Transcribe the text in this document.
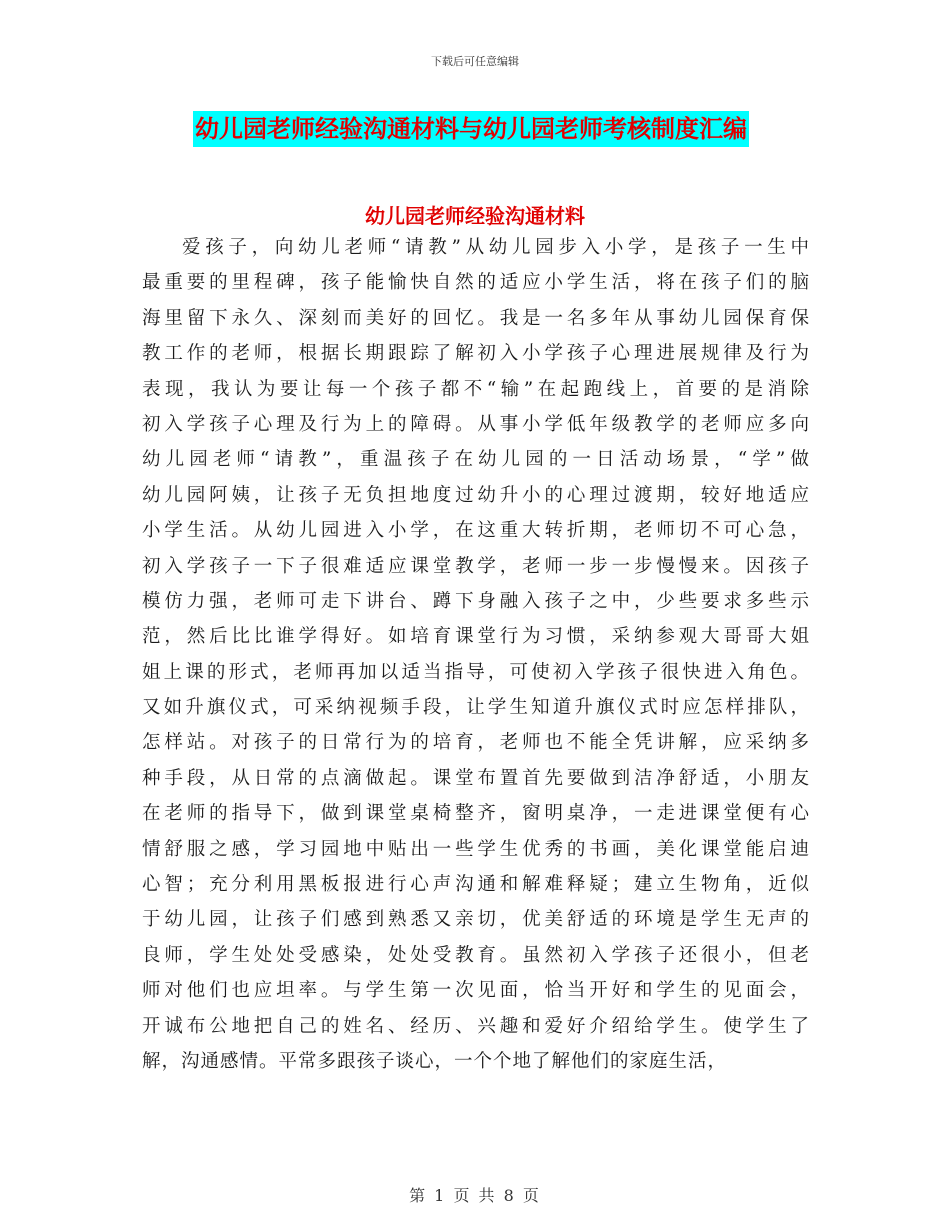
下载后可任意编辑
幼儿园老师经验沟通材料与幼儿园老师考核制度汇编
幼儿园老师经验沟通材料
爱孩子，向幼儿老师“请教”从幼儿园步入小学，是孩子一生中
最重要的里程碑，孩子能愉快自然的适应小学生活，将在孩子们的脑
海里留下永久、深刻而美好的回忆。我是一名多年从事幼儿园保育保
教工作的老师，根据长期跟踪了解初入小学孩子心理进展规律及行为
表现，我认为要让每一个孩子都不“输”在起跑线上，首要的是消除
初入学孩子心理及行为上的障碍。从事小学低年级教学的老师应多向
幼儿园老师“请教”，重温孩子在幼儿园的一日活动场景，“学”做
幼儿园阿姨，让孩子无负担地度过幼升小的心理过渡期，较好地适应
小学生活。从幼儿园进入小学，在这重大转折期，老师切不可心急，
初入学孩子一下子很难适应课堂教学，老师一步一步慢慢来。因孩子
模仿力强，老师可走下讲台、蹲下身融入孩子之中，少些要求多些示
范，然后比比谁学得好。如培育课堂行为习惯，采纳参观大哥哥大姐
姐上课的形式，老师再加以适当指导，可使初入学孩子很快进入角色。
又如升旗仪式，可采纳视频手段，让学生知道升旗仪式时应怎样排队，
怎样站。对孩子的日常行为的培育，老师也不能全凭讲解，应采纳多
种手段，从日常的点滴做起。课堂布置首先要做到洁净舒适，小朋友
在老师的指导下，做到课堂桌椅整齐，窗明桌净，一走进课堂便有心
情舒服之感，学习园地中贴出一些学生优秀的书画，美化课堂能启迪
心智；充分利用黑板报进行心声沟通和解难释疑；建立生物角，近似
于幼儿园，让孩子们感到熟悉又亲切，优美舒适的环境是学生无声的
良师，学生处处受感染，处处受教育。虽然初入学孩子还很小，但老
师对他们也应坦率。与学生第一次见面，恰当开好和学生的见面会，
开诚布公地把自己的姓名、经历、兴趣和爱好介绍给学生。使学生了
解，沟通感情。平常多跟孩子谈心，一个个地了解他们的家庭生活，
第 1 页 共 8 页
